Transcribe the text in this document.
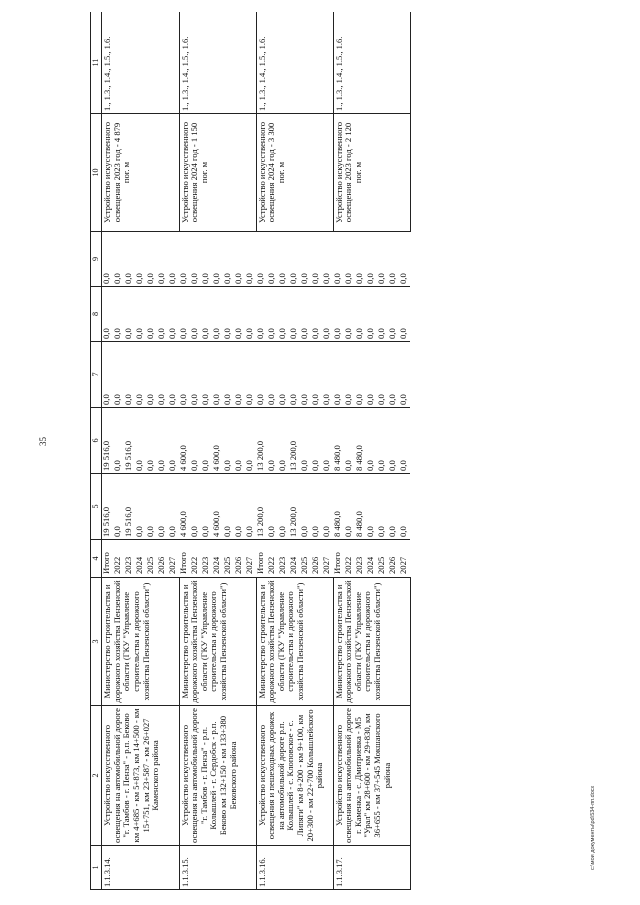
35
1	2	3	4	5	6	7	8	9	10	11
1.1.3.14.	Устройство искусственного освещения на автомобильной дороге "г. Тамбов - г. Пенза" - р.п. Беково км 4+685 - км 5+873, км 14+500 - км 15+751, км 23+587 - км 26+027 Каменского района	Министерство строительства и дорожного хозяйства Пензенской области (ГКУ "Управление строительства и дорожного хозяйства Пензенской области")	Итого	19 516,0	19 516,0	0,0	0,0	0,0	Устройство искусственного освещения 2023 год - 4 879 пог. м	1., 1.3., 1.4., 1.5., 1.6.
			2022	0,0	0,0	0,0	0,0	0,0		
			2023	19 516,0	19 516,0	0,0	0,0	0,0		
			2024	0,0	0,0	0,0	0,0	0,0		
			2025	0,0	0,0	0,0	0,0	0,0		
			2026	0,0	0,0	0,0	0,0	0,0		
			2027	0,0	0,0	0,0	0,0	0,0		
1.1.3.15.	Устройство искусственного освещения на автомобильной дороге "г. Тамбов - г. Пенза" - р.п. Колышлей - г. Сердобск - р.п. Беково км 132+150 - км 133+380 Бековского района	Министерство строительства и дорожного хозяйства Пензенской области (ГКУ "Управление строительства и дорожного хозяйства Пензенской области")	Итого	4 600,0	4 600,0	0,0	0,0	0,0	Устройство искусственного освещения 2024 год - 1 150 пог. м	1., 1.3., 1.4., 1.5., 1.6.
			2022	0,0	0,0	0,0	0,0	0,0		
			2023	0,0	0,0	0,0	0,0	0,0		
			2024	4 600,0	4 600,0	0,0	0,0	0,0		
			2025	0,0	0,0	0,0	0,0	0,0		
			2026	0,0	0,0	0,0	0,0	0,0		
			2027	0,0	0,0	0,0	0,0	0,0		
1.1.3.16.	Устройство искусственного освещения и пешеходных дорожек на автомобильной дороге р.п. Колышлей - с. Клоповское - с. Липяги" км 8+200 - км 9+100, км 20+300 - км 22+700 Колышлейского района	Министерство строительства и дорожного хозяйства Пензенской области (ГКУ "Управление строительства и дорожного хозяйства Пензенской области")	Итого	13 200,0	13 200,0	0,0	0,0	0,0	Устройство искусственного освещения 2024 год - 3 300 пог. м	1., 1.3., 1.4., 1.5., 1.6.
			2022	0,0	0,0	0,0	0,0	0,0		
			2023	0,0	0,0	0,0	0,0	0,0		
			2024	13 200,0	13 200,0	0,0	0,0	0,0		
			2025	0,0	0,0	0,0	0,0	0,0		
			2026	0,0	0,0	0,0	0,0	0,0		
			2027	0,0	0,0	0,0	0,0	0,0		
1.1.3.17.	Устройство искусственного освещения на автомобильной дороге г. Каменка - с. Дмитриевка - М5 "Урал" км 28+600 - км 29+830, км 36+655 - км 37+545 Мокшанского района	Министерство строительства и дорожного хозяйства Пензенской области (ГКУ "Управление строительства и дорожного хозяйства Пензенской области")	Итого	8 480,0	8 480,0	0,0	0,0	0,0	Устройство искусственного освещения 2023 год - 2 120 пог. м	1., 1.3., 1.4., 1.5., 1.6.
			2022	0,0	0,0	0,0	0,0	0,0		
			2023	8 480,0	8 480,0	0,0	0,0	0,0		
			2024	0,0	0,0	0,0	0,0	0,0		
			2025	0,0	0,0	0,0	0,0	0,0		
			2026	0,0	0,0	0,0	0,0	0,0		
			2027	0,0	0,0	0,0	0,0	0,0		
c:\мои документы\pd\534-пп.docx
